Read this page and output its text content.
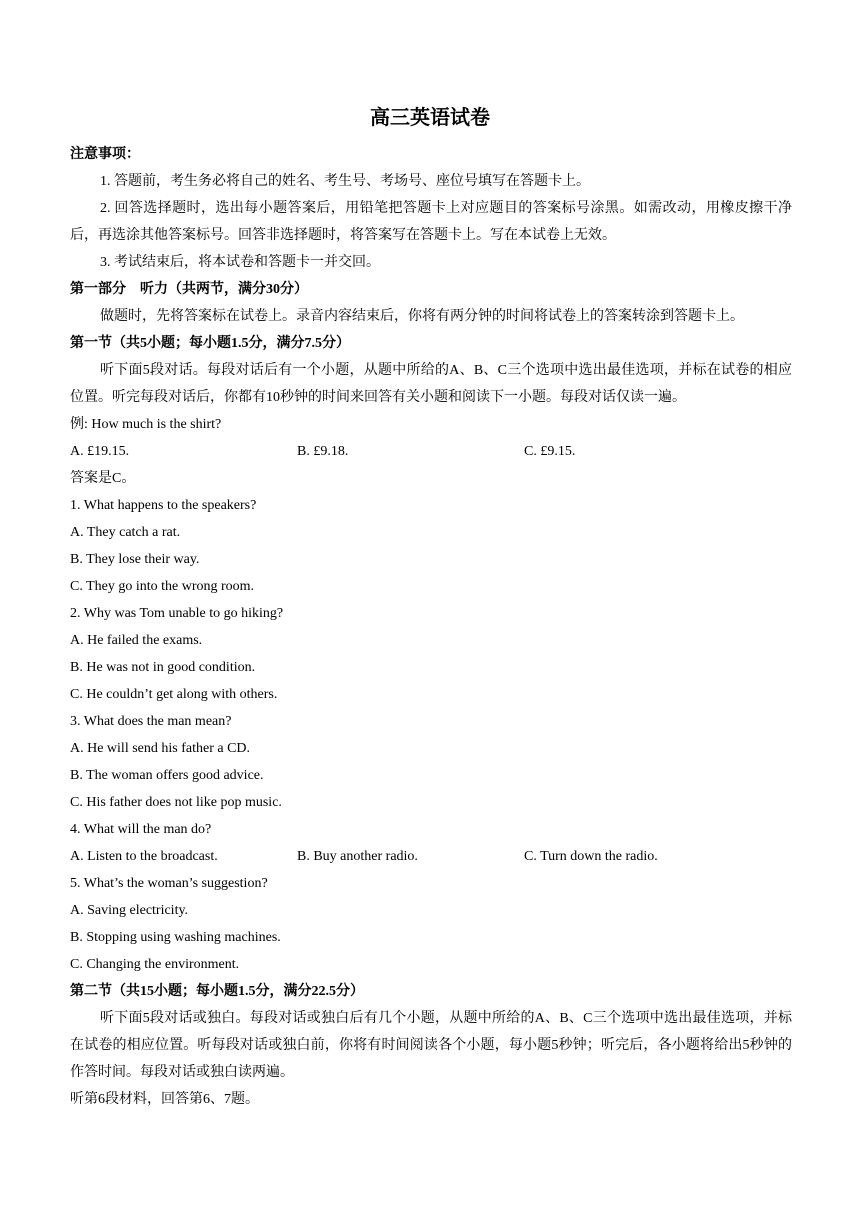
高三英语试卷
注意事项：
1. 答题前，考生务必将自己的姓名、考生号、考场号、座位号填写在答题卡上。
2. 回答选择题时，选出每小题答案后，用铅笔把答题卡上对应题目的答案标号涂黑。如需改动，用橡皮擦干净后，再选涂其他答案标号。回答非选择题时，将答案写在答题卡上。写在本试卷上无效。
3. 考试结束后，将本试卷和答题卡一并交回。
第一部分　听力（共两节，满分30分）
做题时，先将答案标在试卷上。录音内容结束后，你将有两分钟的时间将试卷上的答案转涂到答题卡上。
第一节（共5小题；每小题1.5分，满分7.5分）
听下面5段对话。每段对话后有一个小题，从题中所给的A、B、C三个选项中选出最佳选项，并标在试卷的相应位置。听完每段对话后，你都有10秒钟的时间来回答有关小题和阅读下一小题。每段对话仅读一遍。
例: How much is the shirt?
A. £19.15.	B. £9.18.	C. £9.15.
答案是C。
1. What happens to the speakers?
A. They catch a rat.
B. They lose their way.
C. They go into the wrong room.
2. Why was Tom unable to go hiking?
A. He failed the exams.
B. He was not in good condition.
C. He couldn’t get along with others.
3. What does the man mean?
A. He will send his father a CD.
B. The woman offers good advice.
C. His father does not like pop music.
4. What will the man do?
A. Listen to the broadcast.	B. Buy another radio.	C. Turn down the radio.
5. What’s the woman’s suggestion?
A. Saving electricity.
B. Stopping using washing machines.
C. Changing the environment.
第二节（共15小题；每小题1.5分，满分22.5分）
听下面5段对话或独白。每段对话或独白后有几个小题，从题中所给的A、B、C三个选项中选出最佳选项，并标在试卷的相应位置。听每段对话或独白前，你将有时间阅读各个小题，每小题5秒钟；听完后，各小题将给出5秒钟的作答时间。每段对话或独白读两遍。
听第6段材料，回答第6、7题。
